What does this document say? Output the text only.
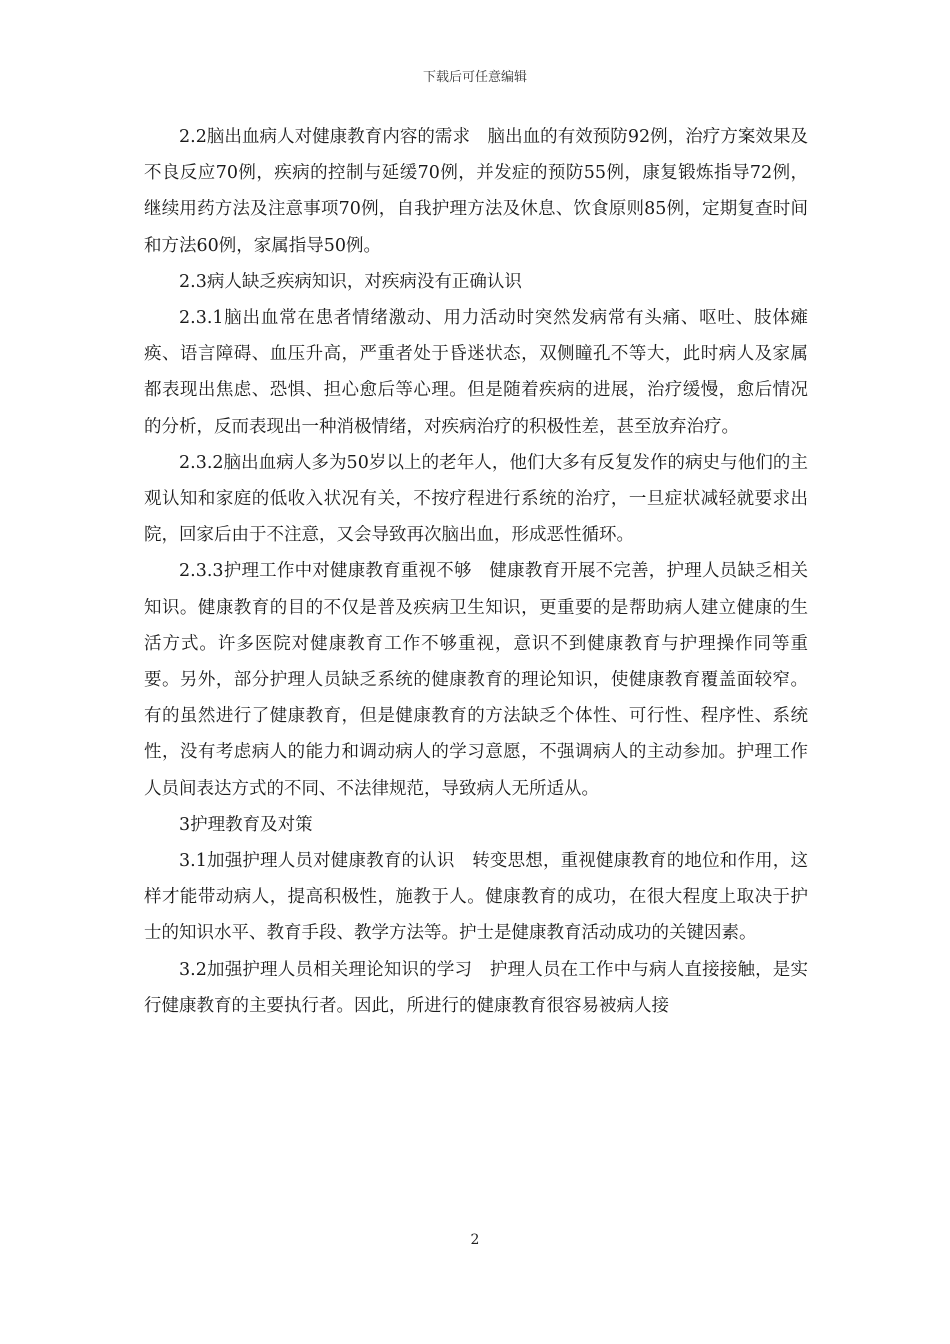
下载后可任意编辑

2.2脑出血病人对健康教育内容的需求　脑出血的有效预防92例，治疗方案效果及不良反应70例，疾病的控制与延缓70例，并发症的预防55例，康复锻炼指导72例，继续用药方法及注意事项70例，自我护理方法及休息、饮食原则85例，定期复查时间和方法60例，家属指导50例。

2.3病人缺乏疾病知识，对疾病没有正确认识

2.3.1脑出血常在患者情绪激动、用力活动时突然发病常有头痛、呕吐、肢体瘫痪、语言障碍、血压升高，严重者处于昏迷状态，双侧瞳孔不等大，此时病人及家属都表现出焦虑、恐惧、担心愈后等心理。但是随着疾病的进展，治疗缓慢，愈后情况的分析，反而表现出一种消极情绪，对疾病治疗的积极性差，甚至放弃治疗。

2.3.2脑出血病人多为50岁以上的老年人，他们大多有反复发作的病史与他们的主观认知和家庭的低收入状况有关，不按疗程进行系统的治疗，一旦症状减轻就要求出院，回家后由于不注意，又会导致再次脑出血，形成恶性循环。

2.3.3护理工作中对健康教育重视不够　健康教育开展不完善，护理人员缺乏相关知识。健康教育的目的不仅是普及疾病卫生知识，更重要的是帮助病人建立健康的生活方式。许多医院对健康教育工作不够重视，意识不到健康教育与护理操作同等重要。另外，部分护理人员缺乏系统的健康教育的理论知识，使健康教育覆盖面较窄。有的虽然进行了健康教育，但是健康教育的方法缺乏个体性、可行性、程序性、系统性，没有考虑病人的能力和调动病人的学习意愿，不强调病人的主动参加。护理工作人员间表达方式的不同、不法律规范，导致病人无所适从。

3护理教育及对策

3.1加强护理人员对健康教育的认识　转变思想，重视健康教育的地位和作用，这样才能带动病人，提高积极性，施教于人。健康教育的成功，在很大程度上取决于护士的知识水平、教育手段、教学方法等。护士是健康教育活动成功的关键因素。

3.2加强护理人员相关理论知识的学习　护理人员在工作中与病人直接接触，是实行健康教育的主要执行者。因此，所进行的健康教育很容易被病人接

2
